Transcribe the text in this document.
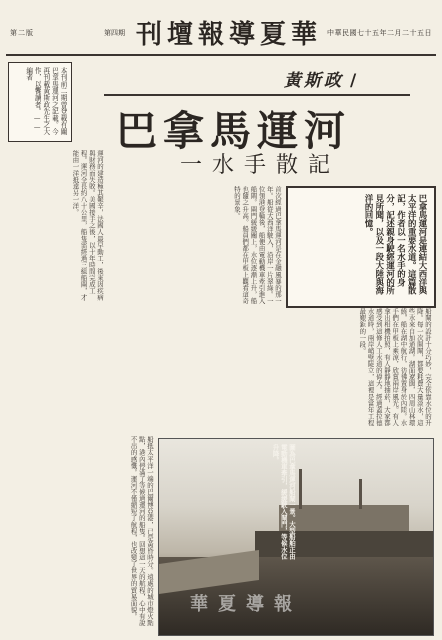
第二版	第四期 刊壇報導夏華 中華民國七十五年二月二十五日
本刊前二期曾登載有關巴拿馬運河之記載。今再刊載黃斯政先生之大作，以饗讀者。——編者	黃斯政 /
巴拿馬運河
一水手散記
巴拿馬運河是連結大西洋與太平洋的重要水道。這篇散記，作者以一名水手的身分，記述親身駛經運河的所見所聞，以及一段大陸與海洋的回憶。
首次經過巴拿馬運河是在金融風暴的那一年。船從大西洋駛入，沿岸一片翠綠。一位領港登輪後，船便由電動機車牽引進入船閘。閘門緩緩關上，水位逐漸上升，船也隨之升高。船員們都在甲板上觀看這奇特的景象。
運河的建造極其艱辛，法國人最早動工，後來因疾病與財務而失敗。美國接手之後，以十年時間完成工程。運河全長約八十公里，船隻需經過三組船閘，才能由一洋抵達另一洋。
船閘的設計十分巧妙，完全依靠水位的升降。每一次開閘，都要耗費大量淡水，這些水來自加通湖。湖面遼闊，四周山林環繞，船在湖中航行，彷彿置身於內陸。水手們在甲板上乘涼，欣賞兩岸風光。有人拿出相機拍照，有人靜靜地抽菸，大家都感受到這條人工水道的偉大。經過蓋拉德水道時，兩岸峭壁陡立，這裡是當年工程最艱鉅的一段。
船抵太平洋一端的巴爾博亞港，已是黃昏時分。遠處的城市燈火點點，港內停滿了等候過運河的船隻。回想這一天的航程，心中有說不出的感慨。運河不僅縮短了航程，也改變了世界的貿易面貌。	圖為巴拿馬運河船閘一景。大型船舶正由電動機車牽引，緩緩駛入閘門，等候水位升降。
華夏導報
